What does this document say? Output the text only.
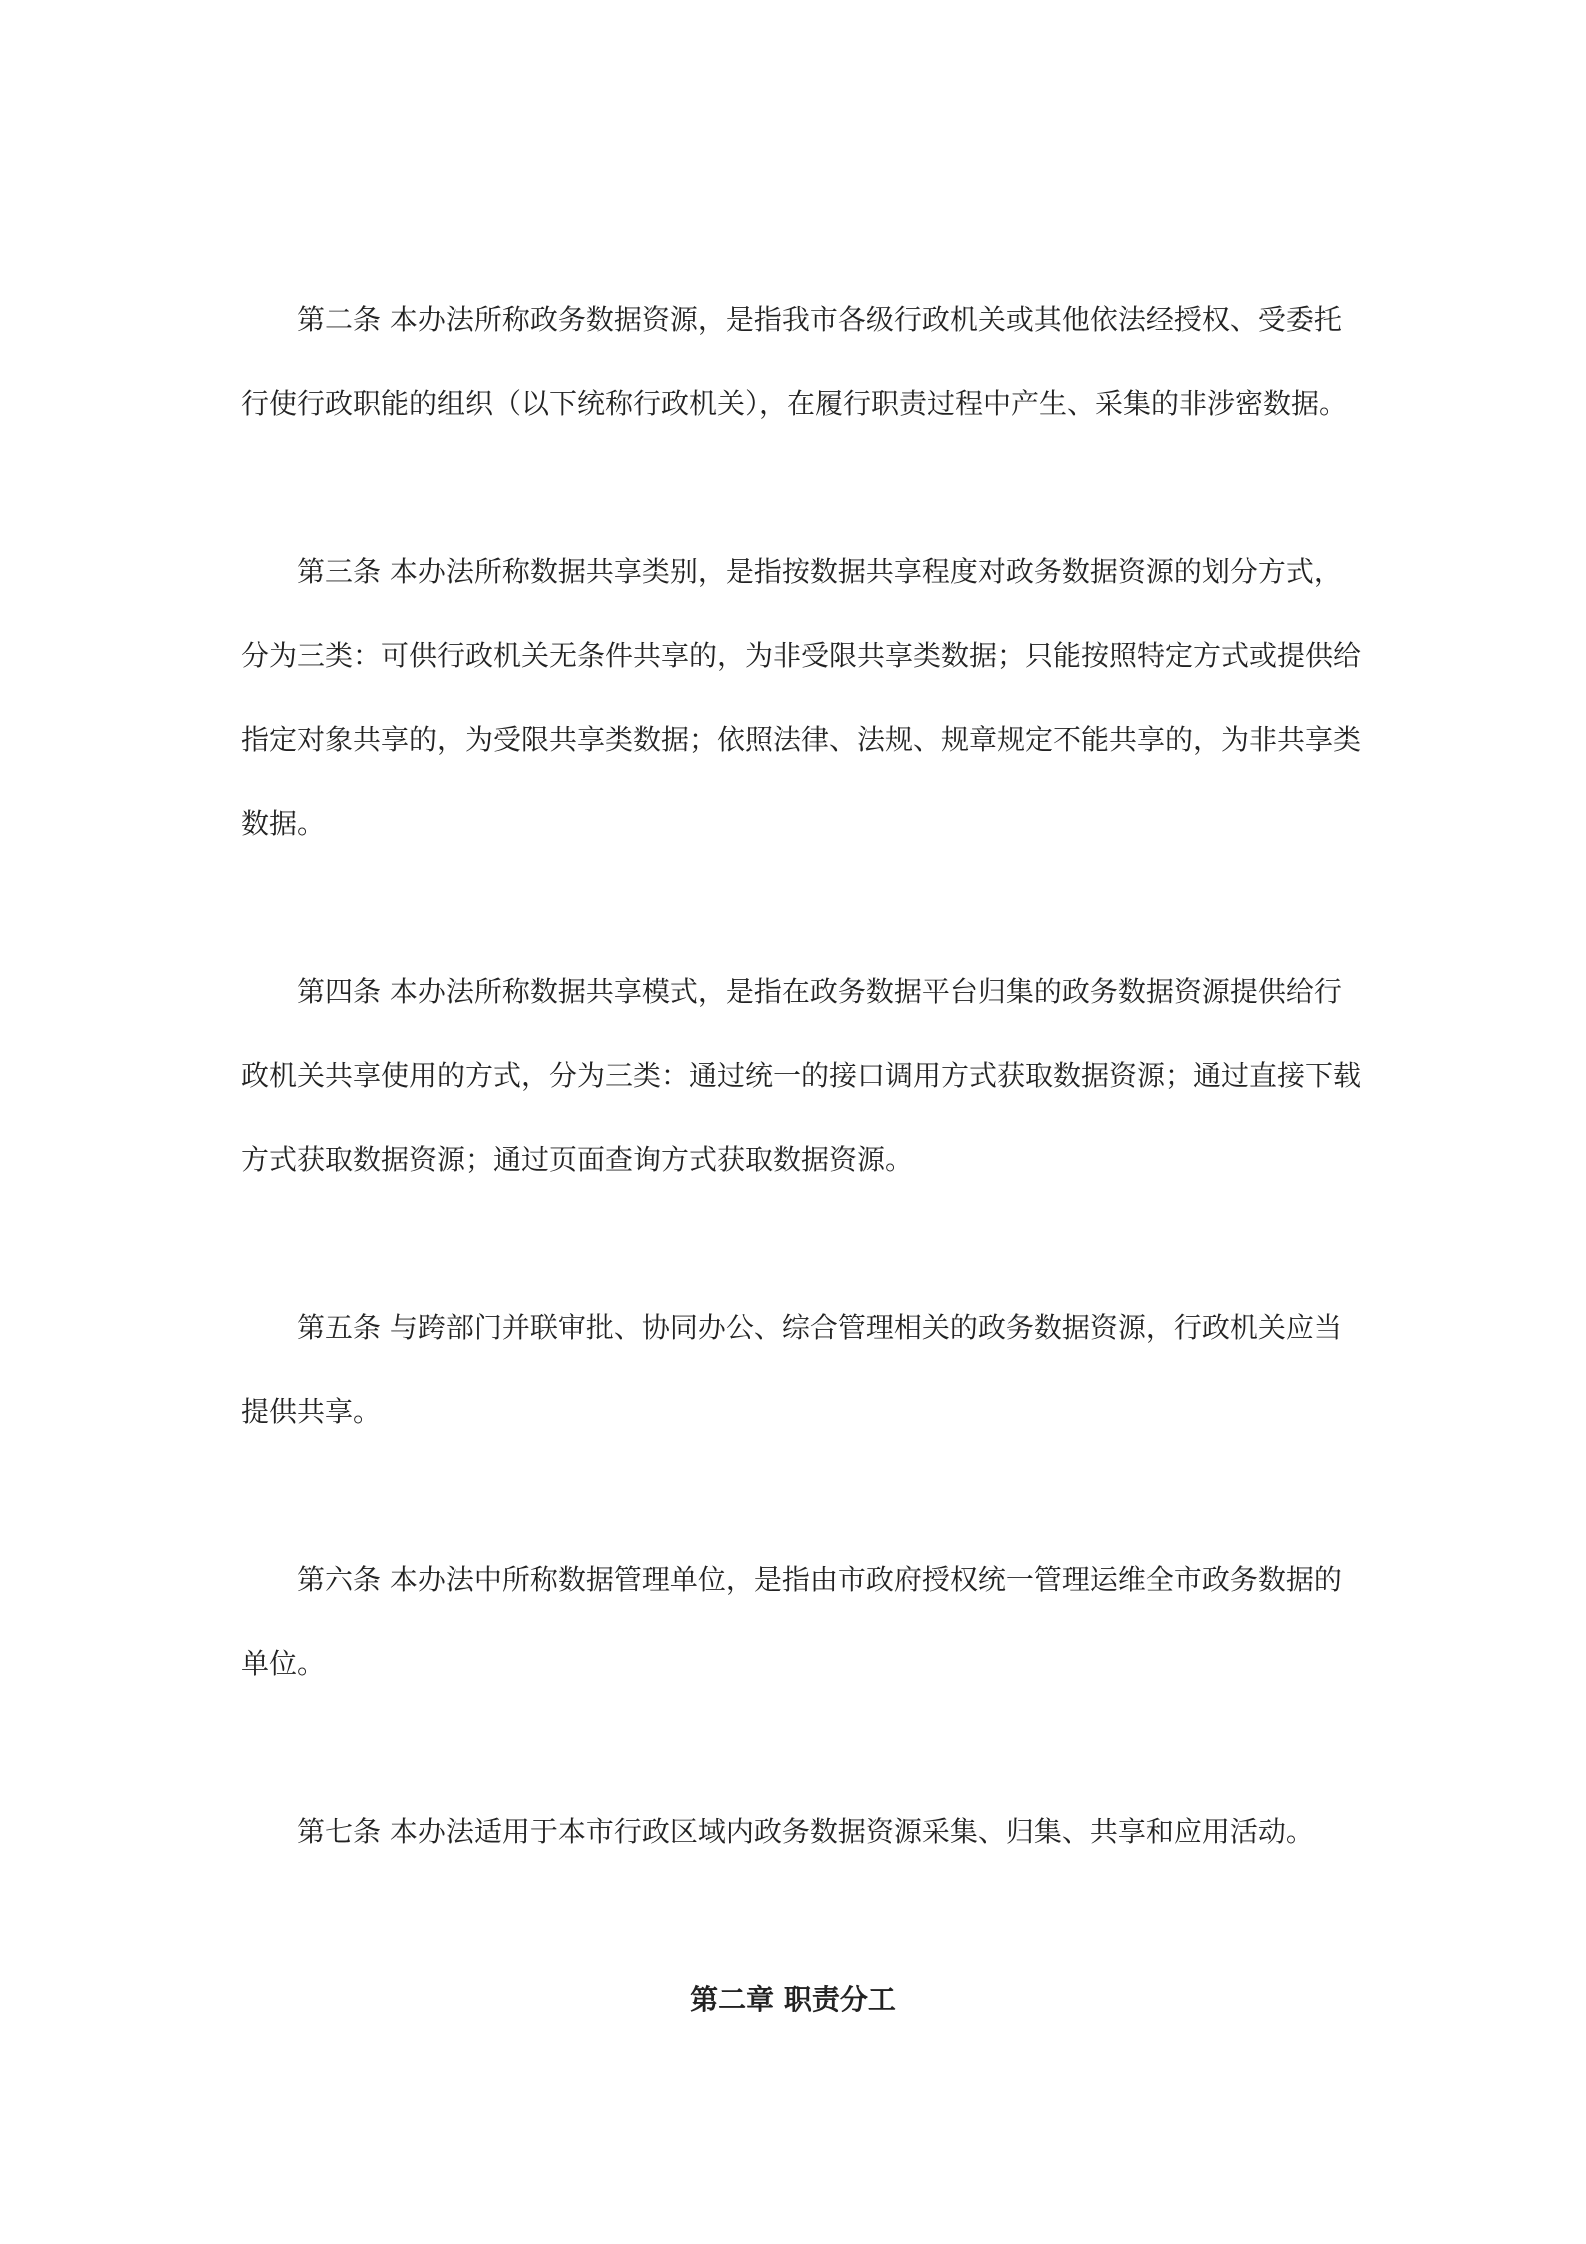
第二条 本办法所称政务数据资源，是指我市各级行政机关或其他依法经授权、受委托
行使行政职能的组织（以下统称行政机关），在履行职责过程中产生、采集的非涉密数据。
第三条 本办法所称数据共享类别，是指按数据共享程度对政务数据资源的划分方式，
分为三类：可供行政机关无条件共享的，为非受限共享类数据；只能按照特定方式或提供给
指定对象共享的，为受限共享类数据；依照法律、法规、规章规定不能共享的，为非共享类
数据。
第四条 本办法所称数据共享模式，是指在政务数据平台归集的政务数据资源提供给行
政机关共享使用的方式，分为三类：通过统一的接口调用方式获取数据资源；通过直接下载
方式获取数据资源；通过页面查询方式获取数据资源。
第五条 与跨部门并联审批、协同办公、综合管理相关的政务数据资源，行政机关应当
提供共享。
第六条 本办法中所称数据管理单位，是指由市政府授权统一管理运维全市政务数据的
单位。
第七条 本办法适用于本市行政区域内政务数据资源采集、归集、共享和应用活动。
第二章 职责分工
